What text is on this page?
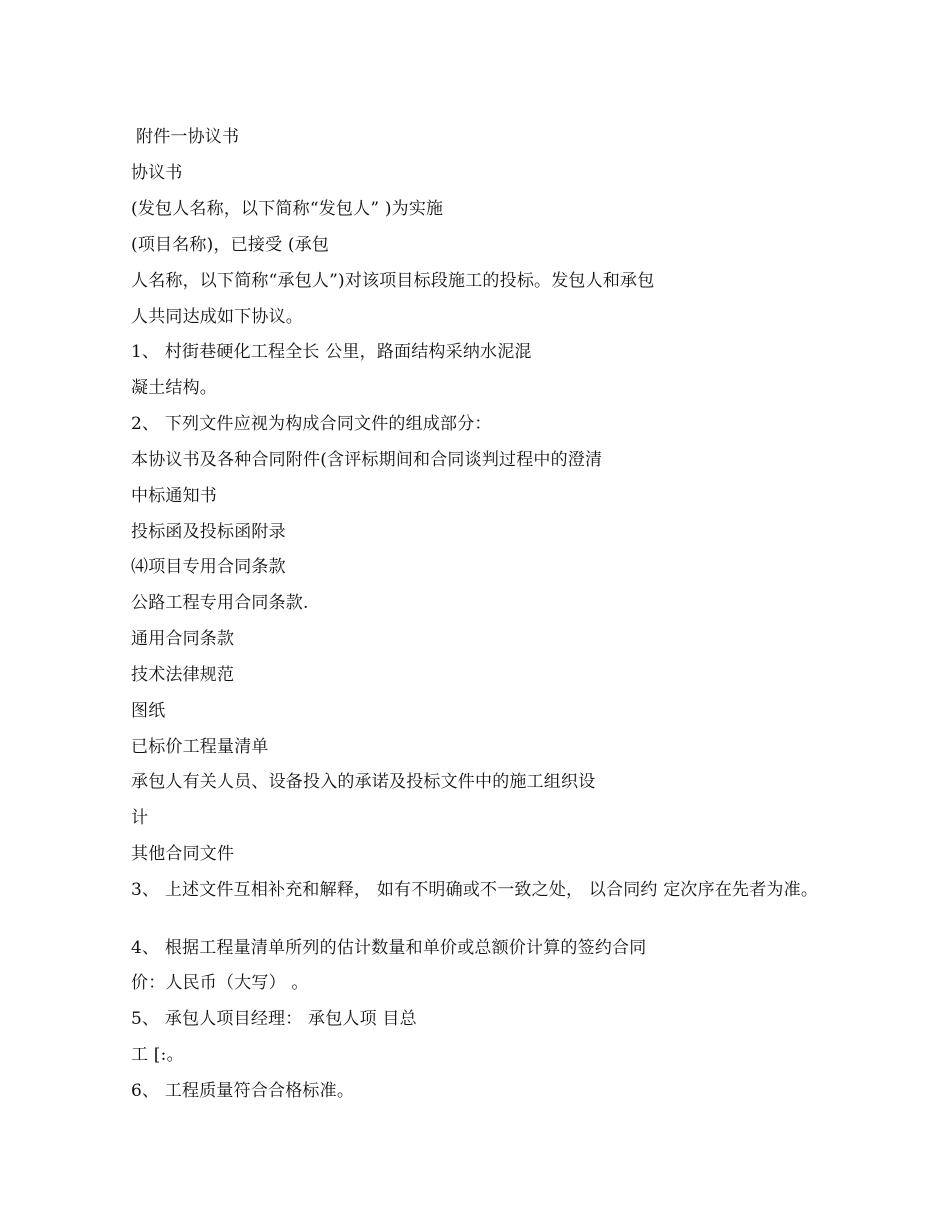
附件一协议书
协议书
(发包人名称，以下简称“发包人” )为实施
(项目名称)，已接受 (承包
人名称，以下简称“承包人”)对该项目标段施工的投标。发包人和承包
人共同达成如下协议。
1、 村街巷硬化工程全长 公里，路面结构采纳水泥混
凝土结构。
2、 下列文件应视为构成合同文件的组成部分：
本协议书及各种合同附件(含评标期间和合同谈判过程中的澄清
中标通知书
投标函及投标函附录
⑷项目专用合同条款
公路工程专用合同条款.
通用合同条款
技术法律规范
图纸
已标价工程量清单
承包人有关人员、设备投入的承诺及投标文件中的施工组织设
计
其他合同文件
3、 上述文件互相补充和解释， 如有不明确或不一致之处， 以合同约 定次序在先者为准。
4、 根据工程量清单所列的估计数量和单价或总额价计算的签约合同
价：人民币（大写） 。
5、 承包人项目经理： 承包人项 目总
工 [:。
6、 工程质量符合合格标准。
